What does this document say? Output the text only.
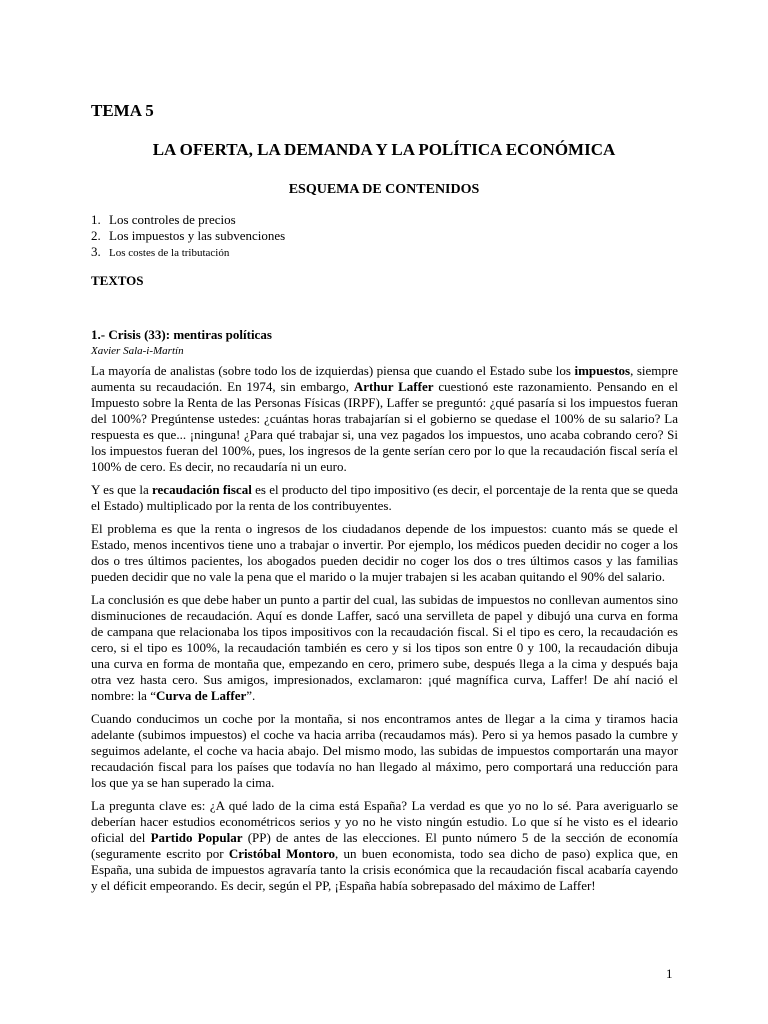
TEMA 5
LA OFERTA, LA DEMANDA Y LA POLÍTICA ECONÓMICA
ESQUEMA DE CONTENIDOS
1. Los controles de precios
2. Los impuestos y las subvenciones
3. Los costes de la tributación
TEXTOS
1.- Crisis (33): mentiras políticas
Xavier Sala-i-Martín

La mayoría de analistas (sobre todo los de izquierdas) piensa que cuando el Estado sube los impuestos, siempre aumenta su recaudación. En 1974, sin embargo, Arthur Laffer cuestionó este razonamiento. Pensando en el Impuesto sobre la Renta de las Personas Físicas (IRPF), Laffer se preguntó: ¿qué pasaría si los impuestos fueran del 100%? Pregúntense ustedes: ¿cuántas horas trabajarían si el gobierno se quedase el 100% de su salario? La respuesta es que... ¡ninguna! ¿Para qué trabajar si, una vez pagados los impuestos, uno acaba cobrando cero? Si los impuestos fueran del 100%, pues, los ingresos de la gente serían cero por lo que la recaudación fiscal sería el 100% de cero. Es decir, no recaudaría ni un euro.

Y es que la recaudación fiscal es el producto del tipo impositivo (es decir, el porcentaje de la renta que se queda el Estado) multiplicado por la renta de los contribuyentes.

El problema es que la renta o ingresos de los ciudadanos depende de los impuestos: cuanto más se quede el Estado, menos incentivos tiene uno a trabajar o invertir. Por ejemplo, los médicos pueden decidir no coger a los dos o tres últimos pacientes, los abogados pueden decidir no coger los dos o tres últimos casos y las familias pueden decidir que no vale la pena que el marido o la mujer trabajen si les acaban quitando el 90% del salario.

La conclusión es que debe haber un punto a partir del cual, las subidas de impuestos no conllevan aumentos sino disminuciones de recaudación. Aquí es donde Laffer, sacó una servilleta de papel y dibujó una curva en forma de campana que relacionaba los tipos impositivos con la recaudación fiscal. Si el tipo es cero, la recaudación es cero, si el tipo es 100%, la recaudación también es cero y si los tipos son entre 0 y 100, la recaudación dibuja una curva en forma de montaña que, empezando en cero, primero sube, después llega a la cima y después baja otra vez hasta cero. Sus amigos, impresionados, exclamaron: ¡qué magnífica curva, Laffer! De ahí nació el nombre: la “Curva de Laffer”.

Cuando conducimos un coche por la montaña, si nos encontramos antes de llegar a la cima y tiramos hacia adelante (subimos impuestos) el coche va hacia arriba (recaudamos más). Pero si ya hemos pasado la cumbre y seguimos adelante, el coche va hacia abajo. Del mismo modo, las subidas de impuestos comportarán una mayor recaudación fiscal para los países que todavía no han llegado al máximo, pero comportará una reducción para los que ya se han superado la cima.

La pregunta clave es: ¿A qué lado de la cima está España? La verdad es que yo no lo sé. Para averiguarlo se deberían hacer estudios econométricos serios y yo no he visto ningún estudio. Lo que sí he visto es el ideario oficial del Partido Popular (PP) de antes de las elecciones. El punto número 5 de la sección de economía (seguramente escrito por Cristóbal Montoro, un buen economista, todo sea dicho de paso) explica que, en España, una subida de impuestos agravaría tanto la crisis económica que la recaudación fiscal acabaría cayendo y el déficit empeorando. Es decir, según el PP, ¡España había sobrepasado del máximo de Laffer!

1
